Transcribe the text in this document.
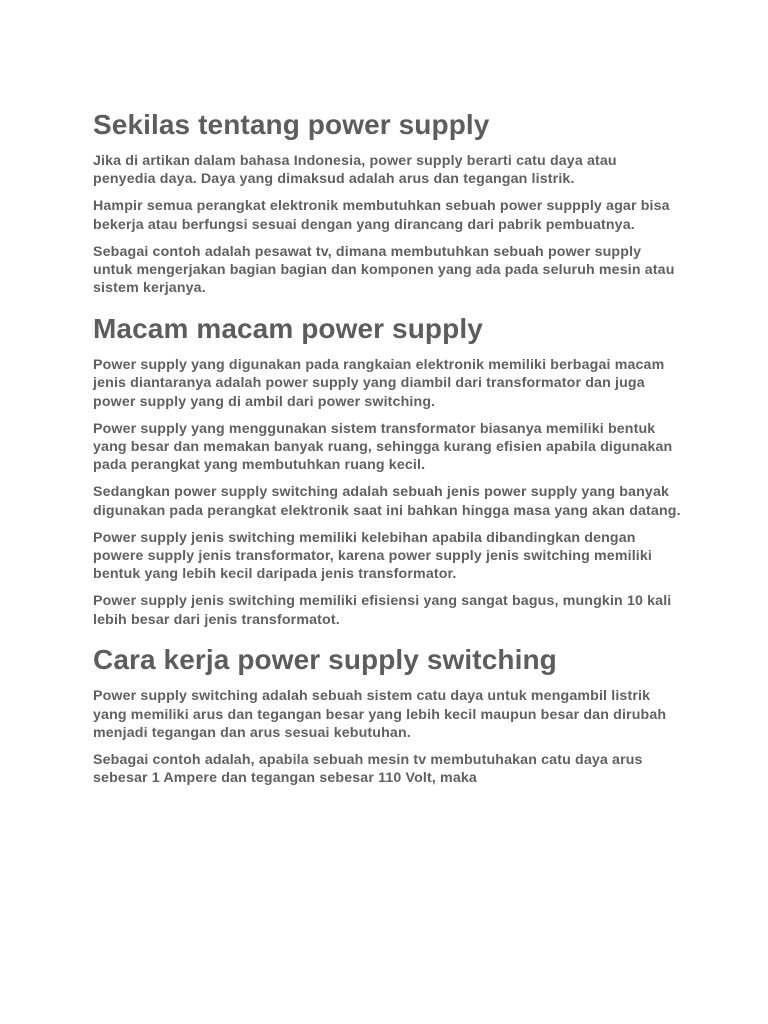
Sekilas tentang power supply

Jika di artikan dalam bahasa Indonesia, power supply berarti catu daya atau penyedia daya. Daya yang dimaksud adalah arus dan tegangan listrik.

Hampir semua perangkat elektronik membutuhkan sebuah power suppply agar bisa bekerja atau berfungsi sesuai dengan yang dirancang dari pabrik pembuatnya.

Sebagai contoh adalah pesawat tv, dimana membutuhkan sebuah power supply untuk mengerjakan bagian bagian dan komponen yang ada pada seluruh mesin atau sistem kerjanya.

Macam macam power supply

Power supply yang digunakan pada rangkaian elektronik memiliki berbagai macam jenis diantaranya adalah power supply yang diambil dari transformator dan juga power supply yang di ambil dari power switching.

Power supply yang menggunakan sistem transformator biasanya memiliki bentuk yang besar dan memakan banyak ruang, sehingga kurang efisien apabila digunakan pada perangkat yang membutuhkan ruang kecil.

Sedangkan power supply switching adalah sebuah jenis power supply yang banyak digunakan pada perangkat elektronik saat ini bahkan hingga masa yang akan datang.

Power supply jenis switching memiliki kelebihan apabila dibandingkan dengan powere supply jenis transformator, karena power supply jenis switching memiliki bentuk yang lebih kecil daripada jenis transformator.

Power supply jenis switching memiliki efisiensi yang sangat bagus, mungkin 10 kali lebih besar dari jenis transformatot.

Cara kerja power supply switching

Power supply switching adalah sebuah sistem catu daya untuk mengambil listrik yang memiliki arus dan tegangan besar yang lebih kecil maupun besar dan dirubah menjadi tegangan dan arus sesuai kebutuhan.

Sebagai contoh adalah, apabila sebuah mesin tv membutuhakan catu daya arus sebesar 1 Ampere dan tegangan sebesar 110 Volt, maka
